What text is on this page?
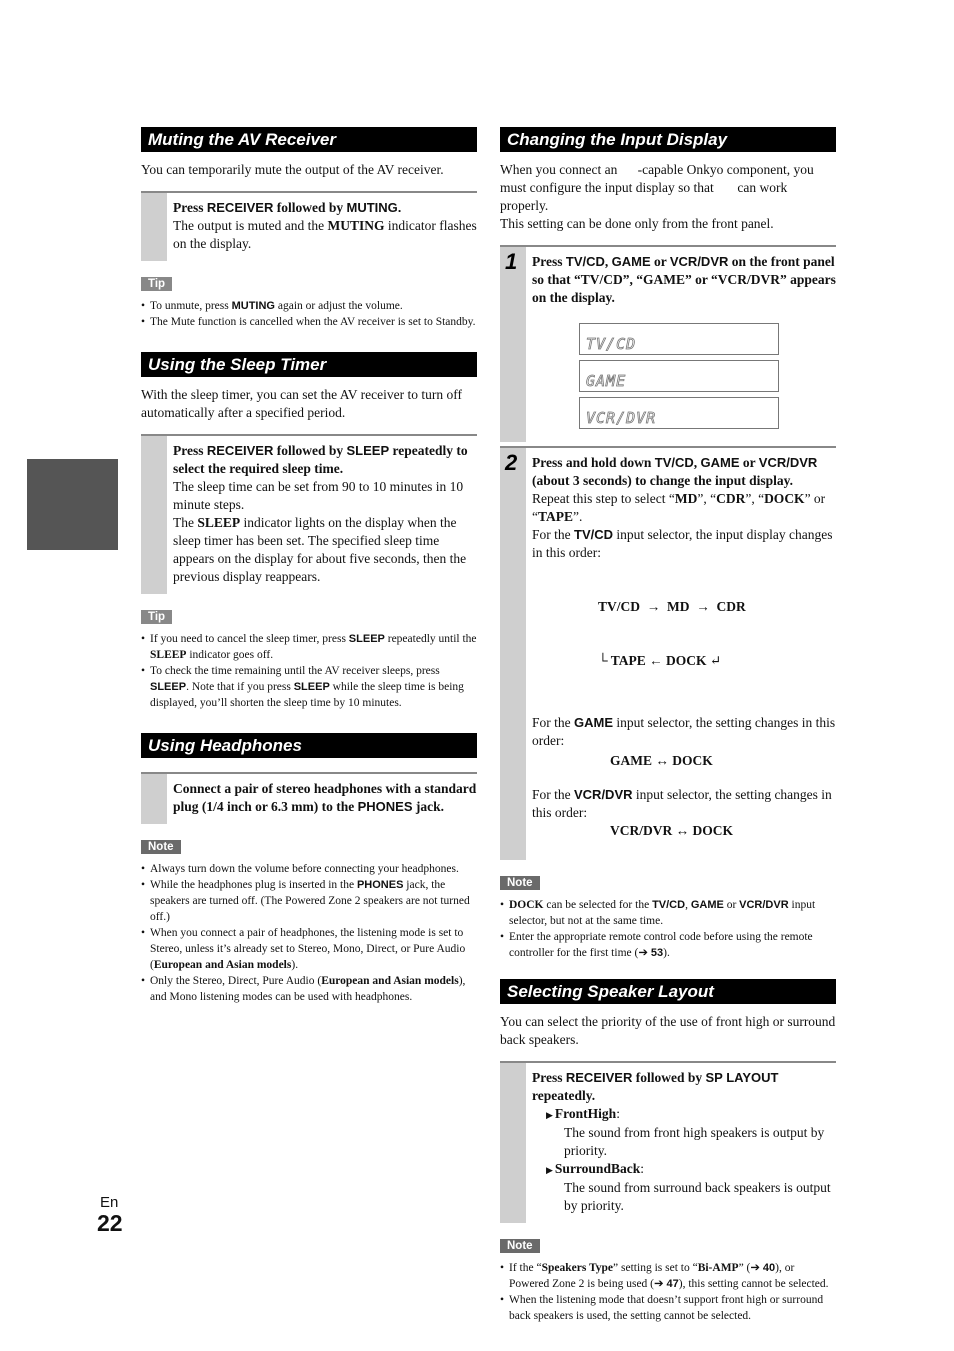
Muting the AV Receiver

You can temporarily mute the output of the AV receiver.

Press RECEIVER followed by MUTING.
The output is muted and the MUTING indicator flashes on the display.
Tip
• To unmute, press MUTING again or adjust the volume.
• The Mute function is cancelled when the AV receiver is set to Standby.
Using the Sleep Timer

With the sleep timer, you can set the AV receiver to turn off automatically after a specified period.

Press RECEIVER followed by SLEEP repeatedly to select the required sleep time.
The sleep time can be set from 90 to 10 minutes in 10 minute steps.
The SLEEP indicator lights on the display when the sleep timer has been set. The specified sleep time appears on the display for about five seconds, then the previous display reappears.
Tip
• If you need to cancel the sleep timer, press SLEEP repeatedly until the SLEEP indicator goes off.
• To check the time remaining until the AV receiver sleeps, press SLEEP. Note that if you press SLEEP while the sleep time is being displayed, you’ll shorten the sleep time by 10 minutes.
Using Headphones
Connect a pair of stereo headphones with a standard plug (1/4 inch or 6.3 mm) to the PHONES jack.
Note
• Always turn down the volume before connecting your headphones.
• While the headphones plug is inserted in the PHONES jack, the speakers are turned off. (The Powered Zone 2 speakers are not turned off.)
• When you connect a pair of headphones, the listening mode is set to Stereo, unless it’s already set to Stereo, Mono, Direct, or Pure Audio (European and Asian models).
• Only the Stereo, Direct, Pure Audio (European and Asian models), and Mono listening modes can be used with headphones.
Changing the Input Display

When you connect an      -capable Onkyo component, you must configure the input display so that       can work properly.

This setting can be done only from the front panel.

1 Press TV/CD, GAME or VCR/DVR on the front panel so that “TV/CD”, “GAME” or “VCR/DVR” appears on the display.
TV/CD
GAME
VCR/DVR
2 Press and hold down TV/CD, GAME or VCR/DVR (about 3 seconds) to change the input display.
Repeat this step to select “MD”, “CDR”, “DOCK” or “TAPE”.
For the TV/CD input selector, the input display changes in this order:

TV/CD  →  MD  →  CDR

└ TAPE ← DOCK ↵

For the GAME input selector, the setting changes in this order:
GAME ↔ DOCK
For the VCR/DVR input selector, the setting changes in this order:
VCR/DVR ↔ DOCK
Note
• DOCK can be selected for the TV/CD, GAME or VCR/DVR input selector, but not at the same time.
• Enter the appropriate remote control code before using the remote controller for the first time (➔ 53).
Selecting Speaker Layout

You can select the priority of the use of front high or surround back speakers.

Press RECEIVER followed by SP LAYOUT repeatedly.
▶ FrontHigh:
The sound from front high speakers is output by priority.
▶ SurroundBack:
The sound from surround back speakers is output by priority.
Note
• If the “Speakers Type” setting is set to “Bi-AMP” (➔ 40), or Powered Zone 2 is being used (➔ 47), this setting cannot be selected.
• When the listening mode that doesn’t support front high or surround back speakers is used, the setting cannot be selected.
En
22
